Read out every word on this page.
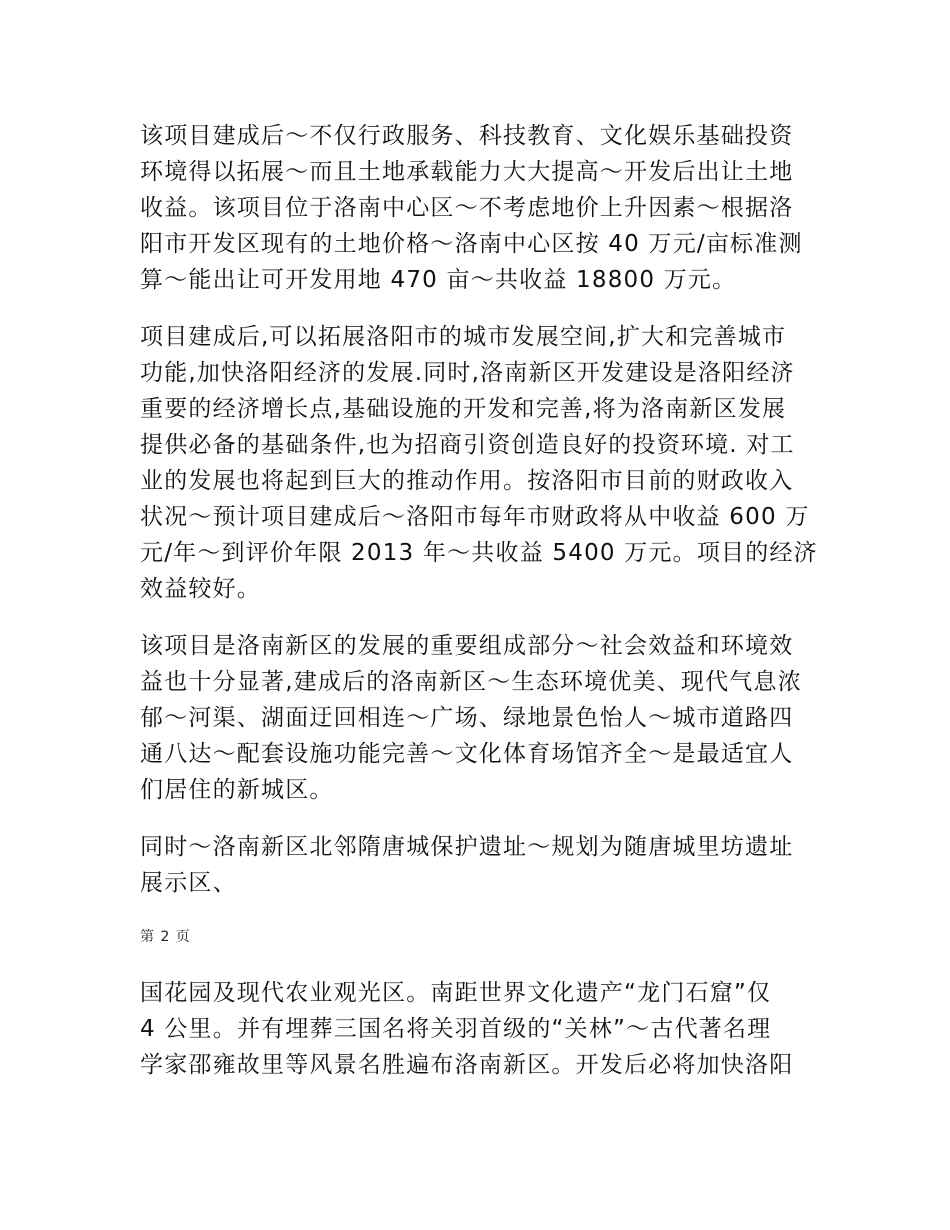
该项目建成后～不仅行政服务、科技教育、文化娱乐基础投资
环境得以拓展～而且土地承载能力大大提高～开发后出让土地
收益。该项目位于洛南中心区～不考虑地价上升因素～根据洛
阳市开发区现有的土地价格～洛南中心区按 40 万元/亩标准测
算～能出让可开发用地 470 亩～共收益 18800 万元。

项目建成后,可以拓展洛阳市的城市发展空间,扩大和完善城市
功能,加快洛阳经济的发展.同时,洛南新区开发建设是洛阳经济
重要的经济增长点,基础设施的开发和完善,将为洛南新区发展
提供必备的基础条件,也为招商引资创造良好的投资环境. 对工
业的发展也将起到巨大的推动作用。按洛阳市目前的财政收入
状况～预计项目建成后～洛阳市每年市财政将从中收益 600 万
元/年～到评价年限 2013 年～共收益 5400 万元。项目的经济
效益较好。

该项目是洛南新区的发展的重要组成部分～社会效益和环境效
益也十分显著,建成后的洛南新区～生态环境优美、现代气息浓
郁～河渠、湖面迂回相连～广场、绿地景色怡人～城市道路四
通八达～配套设施功能完善～文化体育场馆齐全～是最适宜人
们居住的新城区。

同时～洛南新区北邻隋唐城保护遗址～规划为随唐城里坊遗址
展示区、

第 2 页

国花园及现代农业观光区。南距世界文化遗产“龙门石窟”仅
4 公里。并有埋葬三国名将关羽首级的“关林”～古代著名理
学家邵雍故里等风景名胜遍布洛南新区。开发后必将加快洛阳
